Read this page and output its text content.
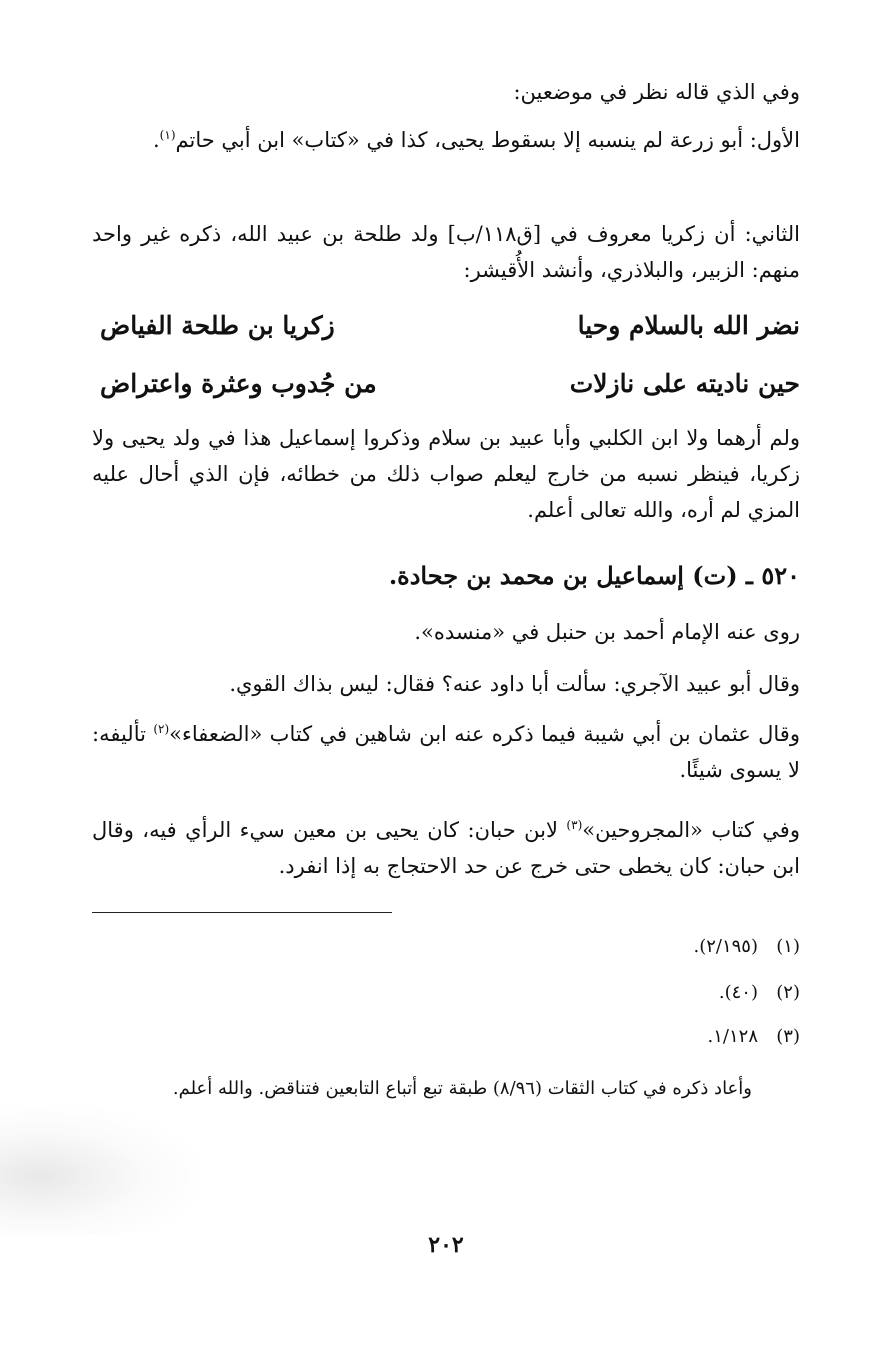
وفي الذي قاله نظر في موضعين:

الأول: أبو زرعة لم ينسبه إلا بسقوط يحيى، كذا في «كتاب» ابن أبي حاتم$^{(١)}$.

الثاني: أن زكريا معروف في [ق١١٨/ب] ولد طلحة بن عبيد الله، ذكره غير واحد منهم: الزبير، والبلاذري، وأنشد الأُقيشر:

نضر الله بالسلام وحيا
زكريا بن طلحة الفياض
حين ناديته على نازلات
من جُدوب وعثرة واعتراض

ولم أرهما ولا ابن الكلبي وأبا عبيد بن سلام وذكروا إسماعيل هذا في ولد يحيى ولا زكريا، فينظر نسبه من خارج ليعلم صواب ذلك من خطائه، فإن الذي أحال عليه المزي لم أره، والله تعالى أعلم.

٥٢٠ ـ (ت) إسماعيل بن محمد بن جحادة.

روى عنه الإمام أحمد بن حنبل في «منسده».

وقال أبو عبيد الآجري: سألت أبا داود عنه؟ فقال: ليس بذاك القوي.

وقال عثمان بن أبي شيبة فيما ذكره عنه ابن شاهين في كتاب «الضعفاء»$^{(٢)}$ تأليفه: لا يسوى شيئًا.

وفي كتاب «المجروحين»$^{(٣)}$ لابن حبان: كان يحيى بن معين سيء الرأي فيه، وقال ابن حبان: كان يخطى حتى خرج عن حد الاحتجاج به إذا انفرد.

(١)(٢/١٩٥).

(٢)(٤٠).

(٣)١/١٢٨.

وأعاد ذكره في كتاب الثقات (٨/٩٦) طبقة تبع أتباع التابعين فتناقض. والله أعلم.

٢٠٢
